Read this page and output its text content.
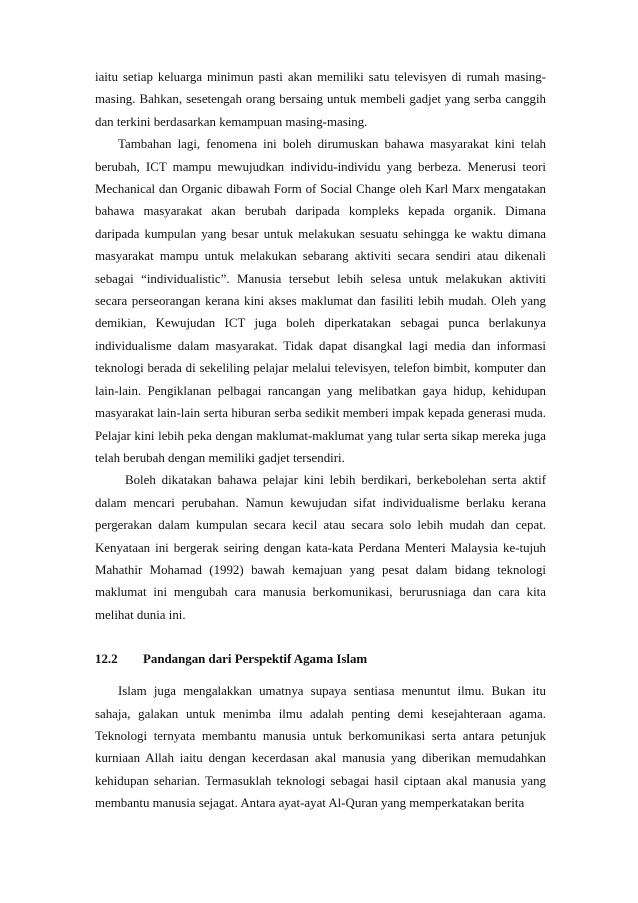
iaitu setiap keluarga minimun pasti akan memiliki satu televisyen di rumah masing-masing. Bahkan, sesetengah orang bersaing untuk membeli gadjet yang serba canggih dan terkini berdasarkan kemampuan masing-masing.

Tambahan lagi, fenomena ini boleh dirumuskan bahawa masyarakat kini telah berubah, ICT mampu mewujudkan individu-individu yang berbeza. Menerusi teori Mechanical dan Organic dibawah Form of Social Change oleh Karl Marx mengatakan bahawa masyarakat akan berubah daripada kompleks kepada organik. Dimana daripada kumpulan yang besar untuk melakukan sesuatu sehingga ke waktu dimana masyarakat mampu untuk melakukan sebarang aktiviti secara sendiri atau dikenali sebagai “individualistic”. Manusia tersebut lebih selesa untuk melakukan aktiviti secara perseorangan kerana kini akses maklumat dan fasiliti lebih mudah. Oleh yang demikian, Kewujudan ICT juga boleh diperkatakan sebagai punca berlakunya individualisme dalam masyarakat. Tidak dapat disangkal lagi media dan informasi teknologi berada di sekeliling pelajar melalui televisyen, telefon bimbit, komputer dan lain-lain. Pengiklanan pelbagai rancangan yang melibatkan gaya hidup, kehidupan masyarakat lain-lain serta hiburan serba sedikit memberi impak kepada generasi muda. Pelajar kini lebih peka dengan maklumat-maklumat yang tular serta sikap mereka juga telah berubah dengan memiliki gadjet tersendiri.

Boleh dikatakan bahawa pelajar kini lebih berdikari, berkebolehan serta aktif dalam mencari perubahan. Namun kewujudan sifat individualisme berlaku kerana pergerakan dalam kumpulan secara kecil atau secara solo lebih mudah dan cepat. Kenyataan ini bergerak seiring dengan kata-kata Perdana Menteri Malaysia ke-tujuh Mahathir Mohamad (1992) bawah kemajuan yang pesat dalam bidang teknologi maklumat ini mengubah cara manusia berkomunikasi, berurusniaga dan cara kita melihat dunia ini.

12.2	Pandangan dari Perspektif Agama Islam

Islam juga mengalakkan umatnya supaya sentiasa menuntut ilmu. Bukan itu sahaja, galakan untuk menimba ilmu adalah penting demi kesejahteraan agama. Teknologi ternyata membantu manusia untuk berkomunikasi serta antara petunjuk kurniaan Allah iaitu dengan kecerdasan akal manusia yang diberikan memudahkan kehidupan seharian. Termasuklah teknologi sebagai hasil ciptaan akal manusia yang membantu manusia sejagat. Antara ayat-ayat Al-Quran yang memperkatakan berita
